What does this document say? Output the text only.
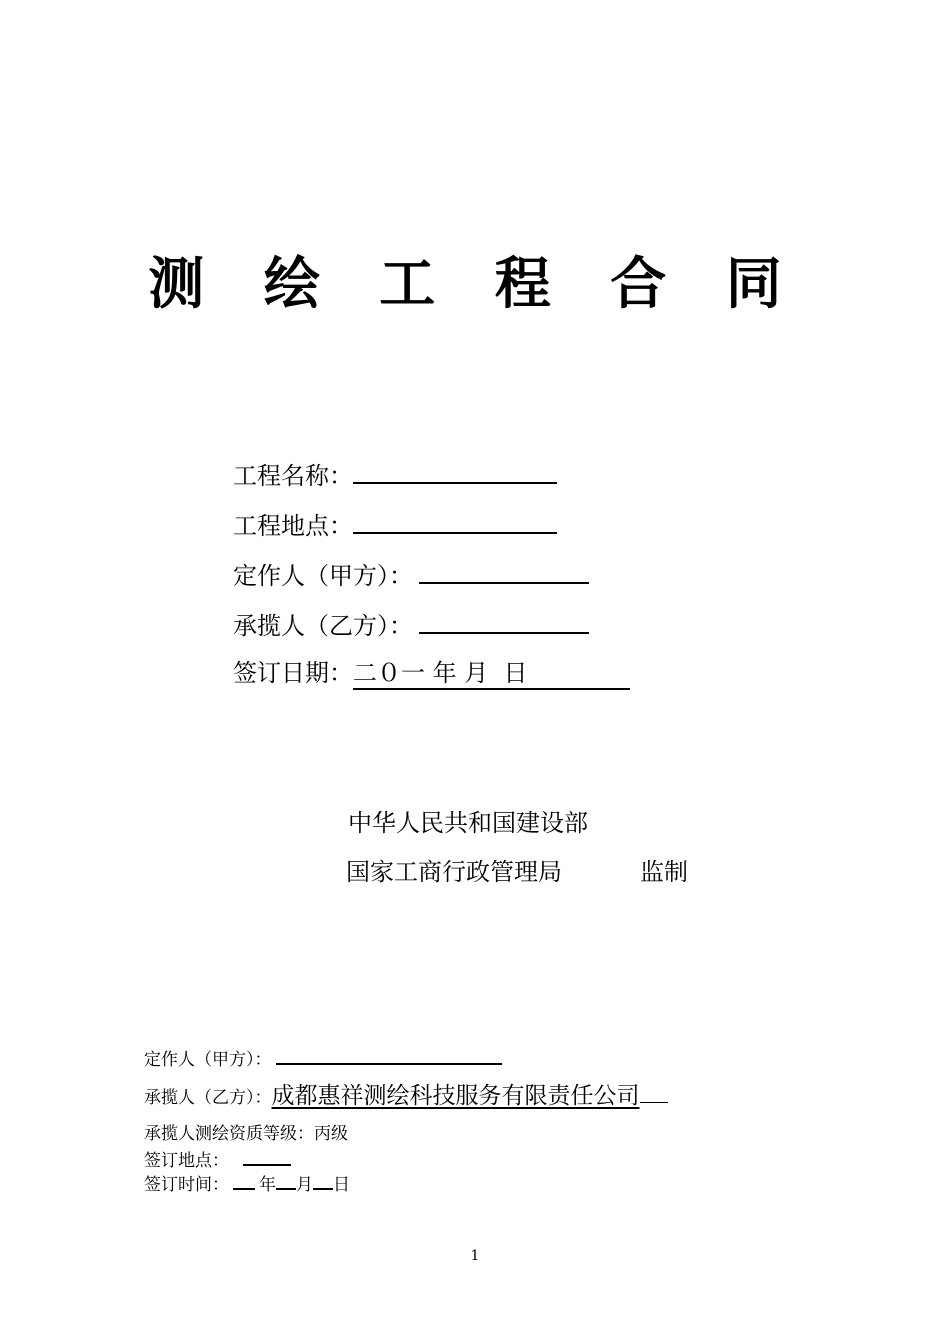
测 绘 工 程 合 同
工程名称：
工程地点：
定作人（甲方）：
承揽人（乙方）：
签订日期：二０一 年 月  日
中华人民共和国建设部
国家工商行政管理局	监制
定作人（甲方）：
承揽人（乙方）：成都惠祥测绘科技服务有限责任公司
承揽人测绘资质等级：丙级
签订地点：
签订时间： 年 月 日
1
